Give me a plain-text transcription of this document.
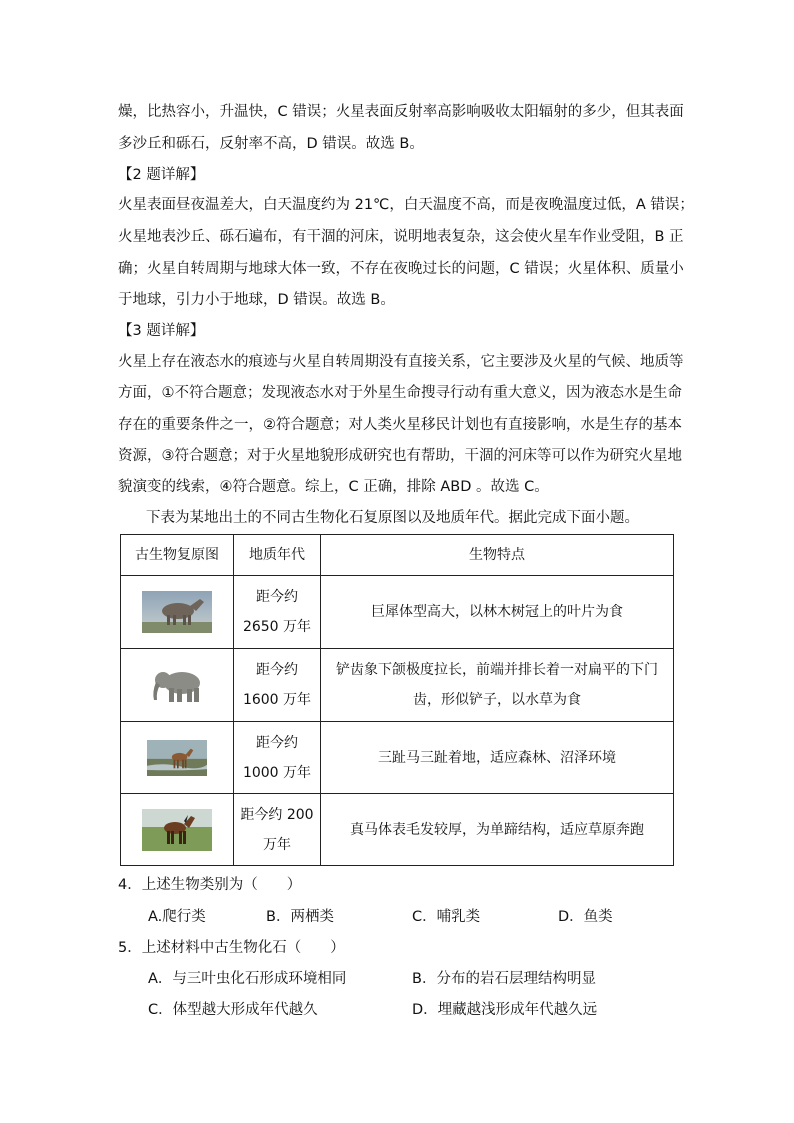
燥，比热容小，升温快，C 错误；火星表面反射率高影响吸收太阳辐射的多少，但其表面
多沙丘和砾石，反射率不高，D 错误。故选 B。
【2 题详解】
火星表面昼夜温差大，白天温度约为 21℃，白天温度不高，而是夜晚温度过低，A 错误；
火星地表沙丘、砾石遍布，有干涸的河床，说明地表复杂，这会使火星车作业受阻，B 正
确；火星自转周期与地球大体一致，不存在夜晚过长的问题，C 错误；火星体积、质量小
于地球，引力小于地球，D 错误。故选 B。
【3 题详解】
火星上存在液态水的痕迹与火星自转周期没有直接关系，它主要涉及火星的气候、地质等
方面，①不符合题意；发现液态水对于外星生命搜寻行动有重大意义，因为液态水是生命
存在的重要条件之一，②符合题意；对人类火星移民计划也有直接影响，水是生存的基本
资源，③符合题意；对于火星地貌形成研究也有帮助，干涸的河床等可以作为研究火星地
貌演变的线索，④符合题意。综上，C 正确，排除 ABD 。故选 C。
下表为某地出土的不同古生物化石复原图以及地质年代。据此完成下面小题。
古生物复原图	地质年代	生物特点

	距今约
2650 万年	巨犀体型高大，以林木树冠上的叶片为食

	距今约
1600 万年	铲齿象下颌极度拉长，前端并排长着一对扁平的下门
齿，形似铲子，以水草为食

	距今约
1000 万年	三趾马三趾着地，适应森林、沼泽环境

	距今约 200
万年	真马体表毛发较厚，为单蹄结构，适应草原奔跑
4．上述生物类别为（　　）
A.爬行类	B．两栖类	C．哺乳类	D．鱼类
5．上述材料中古生物化石（　　）
A．与三叶虫化石形成环境相同	B．分布的岩石层理结构明显
C．体型越大形成年代越久	D．埋藏越浅形成年代越久远
